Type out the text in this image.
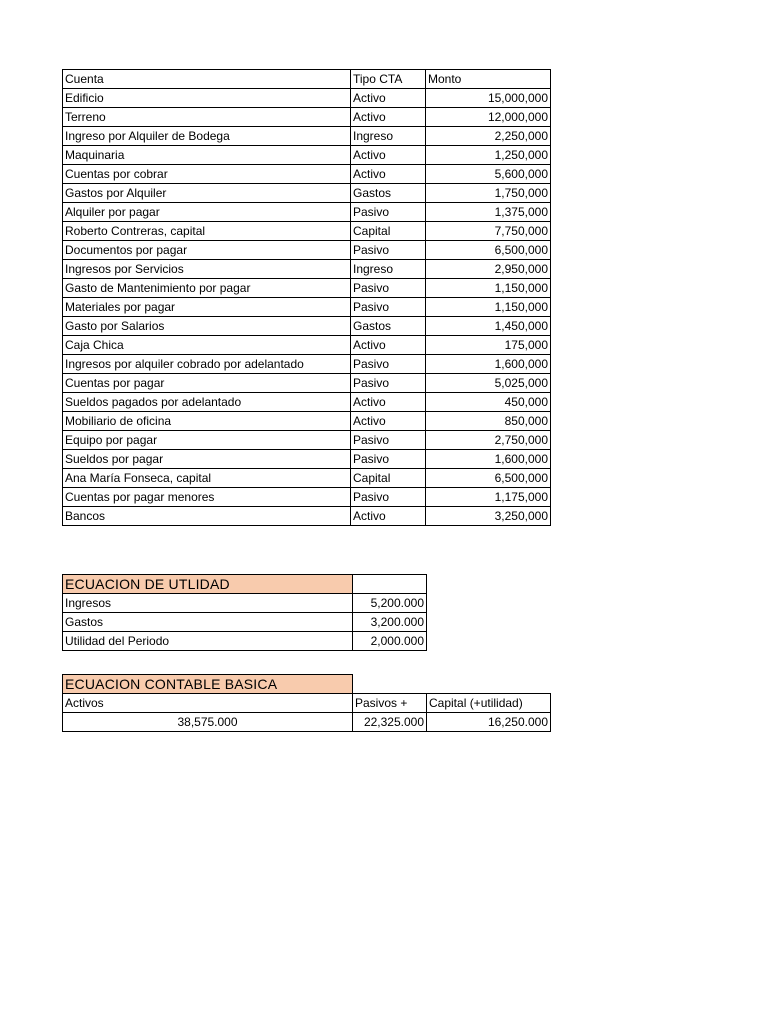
Cuenta	Tipo CTA	Monto
Edificio	Activo	15,000,000
Terreno	Activo	12,000,000
Ingreso por Alquiler de Bodega	Ingreso	2,250,000
Maquinaria	Activo	1,250,000
Cuentas por cobrar	Activo	5,600,000
Gastos por Alquiler	Gastos	1,750,000
Alquiler por pagar	Pasivo	1,375,000
Roberto Contreras, capital	Capital	7,750,000
Documentos por pagar	Pasivo	6,500,000
Ingresos por Servicios	Ingreso	2,950,000
Gasto de Mantenimiento por pagar	Pasivo	1,150,000
Materiales por pagar	Pasivo	1,150,000
Gasto por Salarios	Gastos	1,450,000
Caja Chica	Activo	175,000
Ingresos por alquiler cobrado por adelantado	Pasivo	1,600,000
Cuentas por pagar	Pasivo	5,025,000
Sueldos pagados por adelantado	Activo	450,000
Mobiliario de oficina	Activo	850,000
Equipo por pagar	Pasivo	2,750,000
Sueldos por pagar	Pasivo	1,600,000
Ana María Fonseca, capital	Capital	6,500,000
Cuentas por pagar menores	Pasivo	1,175,000
Bancos	Activo	3,250,000
ECUACION DE UTLIDAD	
Ingresos	5,200.000
Gastos	3,200.000
Utilidad del Periodo	2,000.000
ECUACION CONTABLE BASICA		
Activos	Pasivos +	Capital (+utilidad)
38,575.000	22,325.000	16,250.000
